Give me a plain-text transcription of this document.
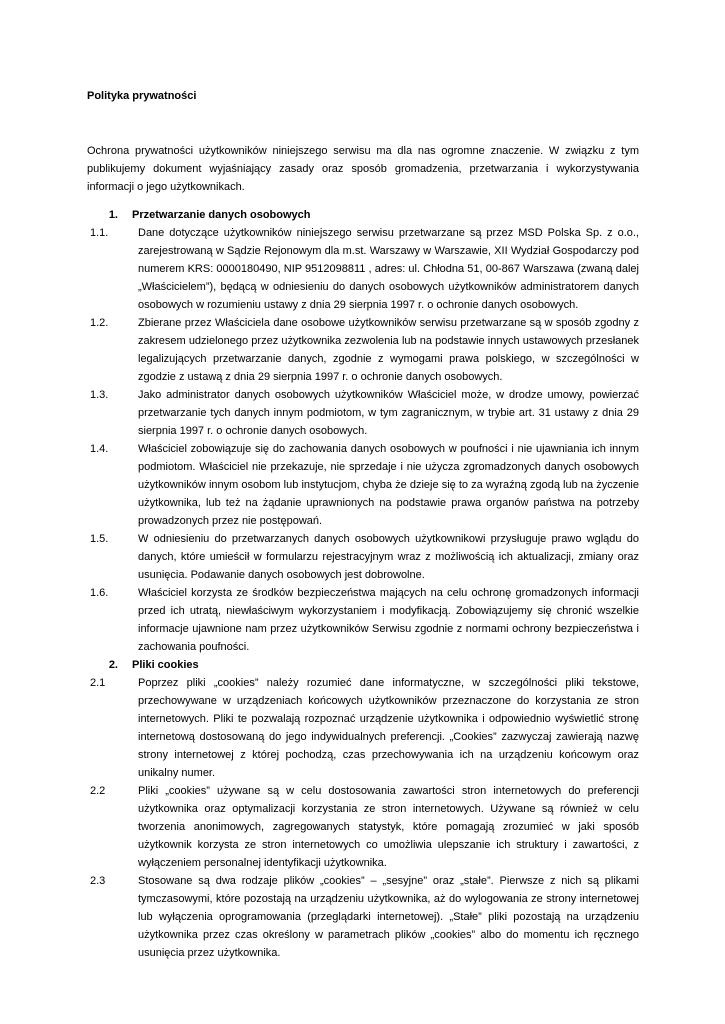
Polityka prywatności

Ochrona prywatności użytkowników niniejszego serwisu ma dla nas ogromne znaczenie. W związku z tym publikujemy dokument wyjaśniający zasady oraz sposób gromadzenia, przetwarzania i wykorzystywania informacji o jego użytkownikach.
1.	Przetwarzanie danych osobowych
1.1.	Dane dotyczące użytkowników niniejszego serwisu przetwarzane są przez MSD Polska Sp. z o.o., zarejestrowaną w Sądzie Rejonowym dla m.st. Warszawy w Warszawie, XII Wydział Gospodarczy pod numerem KRS: 0000180490, NIP 9512098811 , adres: ul. Chłodna 51, 00-867 Warszawa (zwaną dalej „Właścicielem”), będącą w odniesieniu do danych osobowych użytkowników administratorem danych osobowych w rozumieniu ustawy z dnia 29 sierpnia 1997 r. o ochronie danych osobowych.
1.2.	Zbierane przez Właściciela dane osobowe użytkowników serwisu przetwarzane są w sposób zgodny z zakresem udzielonego przez użytkownika zezwolenia lub na podstawie innych ustawowych przesłanek legalizujących przetwarzanie danych, zgodnie z wymogami prawa polskiego, w szczególności w zgodzie z ustawą z dnia 29 sierpnia 1997 r. o ochronie danych osobowych.
1.3.	Jako administrator danych osobowych użytkowników Właściciel może, w drodze umowy, powierzać przetwarzanie tych danych innym podmiotom, w tym zagranicznym, w trybie art. 31 ustawy z dnia 29 sierpnia 1997 r. o ochronie danych osobowych.
1.4.	Właściciel zobowiązuje się do zachowania danych osobowych w poufności i nie ujawniania ich innym podmiotom. Właściciel nie przekazuje, nie sprzedaje i nie użycza zgromadzonych danych osobowych użytkowników innym osobom lub instytucjom, chyba że dzieje się to za wyraźną zgodą lub na życzenie użytkownika, lub też na żądanie uprawnionych na podstawie prawa organów państwa na potrzeby prowadzonych przez nie postępowań.
1.5.	W odniesieniu do przetwarzanych danych osobowych użytkownikowi przysługuje prawo wglądu do danych, które umieścił w formularzu rejestracyjnym wraz z możliwością ich aktualizacji, zmiany oraz usunięcia. Podawanie danych osobowych jest dobrowolne.
1.6.	Właściciel korzysta ze środków bezpieczeństwa mających na celu ochronę gromadzonych informacji przed ich utratą, niewłaściwym wykorzystaniem i modyfikacją. Zobowiązujemy się chronić wszelkie informacje ujawnione nam przez użytkowników Serwisu zgodnie z normami ochrony bezpieczeństwa i zachowania poufności.
2.	Pliki cookies
2.1	Poprzez pliki „cookies” należy rozumieć dane informatyczne, w szczególności pliki tekstowe, przechowywane w urządzeniach końcowych użytkowników przeznaczone do korzystania ze stron internetowych. Pliki te pozwalają rozpoznać urządzenie użytkownika i odpowiednio wyświetlić stronę internetową dostosowaną do jego indywidualnych preferencji. „Cookies” zazwyczaj zawierają nazwę strony internetowej z której pochodzą, czas przechowywania ich na urządzeniu końcowym oraz unikalny numer.
2.2	Pliki „cookies” używane są w celu dostosowania zawartości stron internetowych do preferencji użytkownika oraz optymalizacji korzystania ze stron internetowych. Używane są również w celu tworzenia anonimowych, zagregowanych statystyk, które pomagają zrozumieć w jaki sposób użytkownik korzysta ze stron internetowych co umożliwia ulepszanie ich struktury i zawartości, z wyłączeniem personalnej identyfikacji użytkownika.
2.3	Stosowane są dwa rodzaje plików „cookies” – „sesyjne” oraz „stałe”. Pierwsze z nich są plikami tymczasowymi, które pozostają na urządzeniu użytkownika, aż do wylogowania ze strony internetowej lub wyłączenia oprogramowania (przeglądarki internetowej). „Stałe” pliki pozostają na urządzeniu użytkownika przez czas określony w parametrach plików „cookies” albo do momentu ich ręcznego usunięcia przez użytkownika.
